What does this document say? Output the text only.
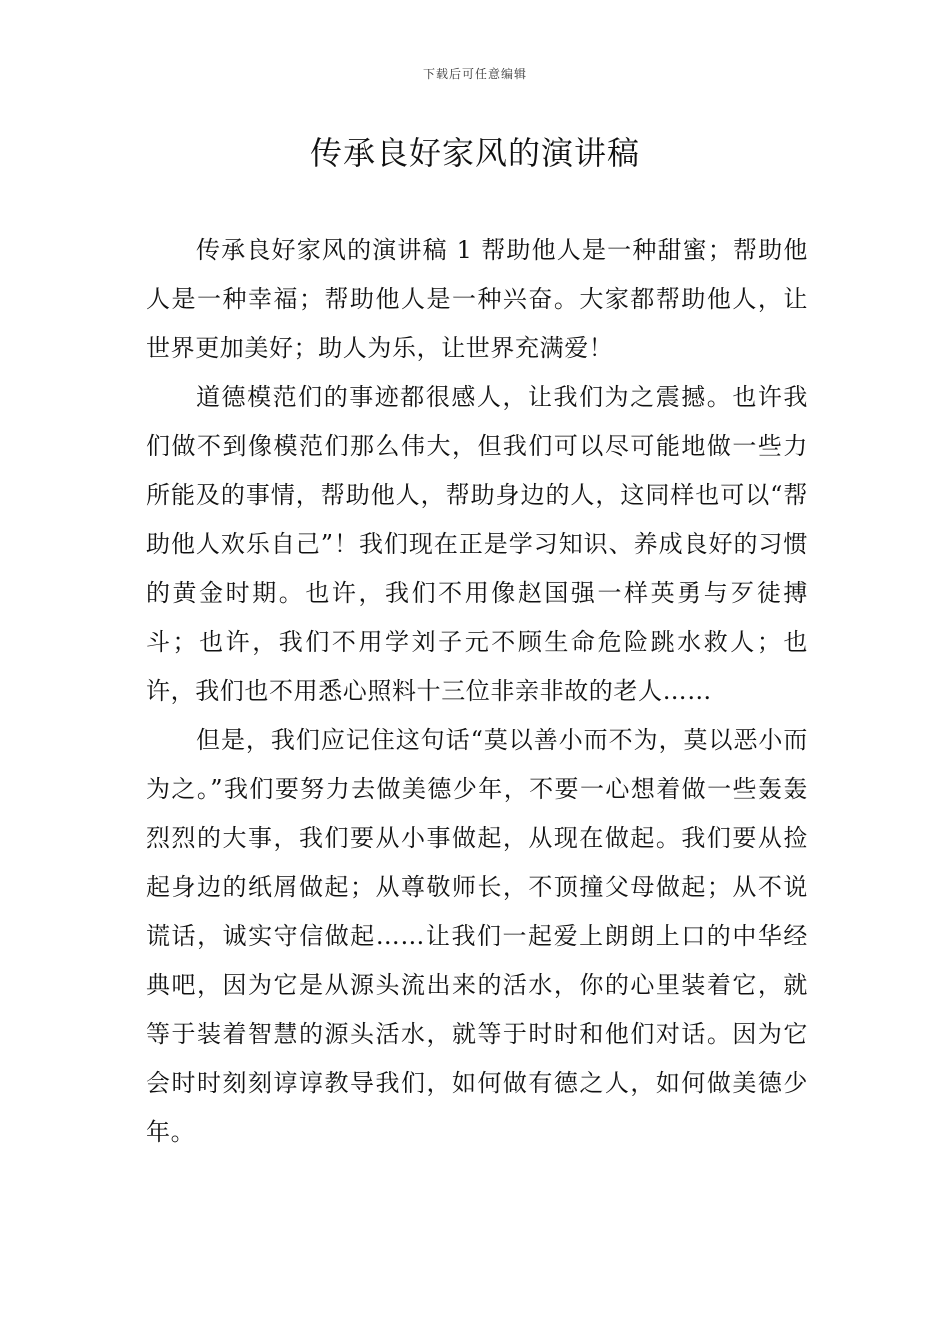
下载后可任意编辑
传承良好家风的演讲稿

传承良好家风的演讲稿 1 帮助他人是一种甜蜜；帮助他人是一种幸福；帮助他人是一种兴奋。大家都帮助他人，让世界更加美好；助人为乐，让世界充满爱！

道德模范们的事迹都很感人，让我们为之震撼。也许我们做不到像模范们那么伟大，但我们可以尽可能地做一些力所能及的事情，帮助他人，帮助身边的人，这同样也可以“帮助他人欢乐自己”！我们现在正是学习知识、养成良好的习惯的黄金时期。也许，我们不用像赵国强一样英勇与歹徒搏斗；也许，我们不用学刘子元不顾生命危险跳水救人；也许，我们也不用悉心照料十三位非亲非故的老人……

但是，我们应记住这句话“莫以善小而不为，莫以恶小而为之。”我们要努力去做美德少年，不要一心想着做一些轰轰烈烈的大事，我们要从小事做起，从现在做起。我们要从捡起身边的纸屑做起；从尊敬师长，不顶撞父母做起；从不说谎话，诚实守信做起……让我们一起爱上朗朗上口的中华经典吧，因为它是从源头流出来的活水，你的心里装着它，就等于装着智慧的源头活水，就等于时时和他们对话。因为它会时时刻刻谆谆教导我们，如何做有德之人，如何做美德少年。
